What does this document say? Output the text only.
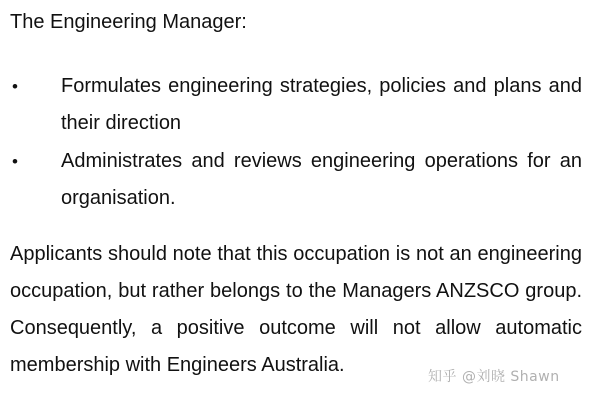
The Engineering Manager:

• Formulates engineering strategies, policies and plans and their direction
• Administrates and reviews engineering operations for an organisation.

Applicants should note that this occupation is not an engineering occupation, but rather belongs to the Managers ANZSCO group. Consequently, a positive outcome will not allow automatic membership with Engineers Australia.

知乎 @刘晓 Shawn
